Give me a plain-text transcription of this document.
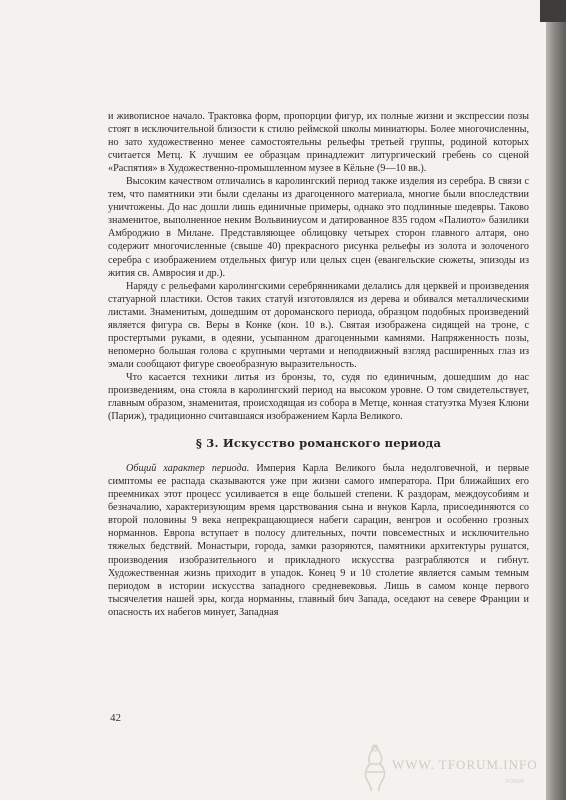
и живописное начало. Трактовка форм, пропорции фигур, их полные жизни и экспрессии позы стоят в исключительной близости к стилю реймской школы миниатюры. Более многочисленны, но зато художественно менее самостоятельны рельефы третьей группы, родиной которых считается Метц. К лучшим ее образцам принадлежит литургический гребень со сценой «Распятия» в Художественно-промышленном музее в Кёльне (9—10 вв.).

Высоким качеством отличались в каролингский период также изделия из серебра. В связи с тем, что памятники эти были сделаны из драгоценного материала, многие были впоследствии уничтожены. До нас дошли лишь единичные примеры, однако это подлинные шедевры. Таково знаменитое, выполненное неким Вольвиниусом и датированное 835 годом «Палиото» базилики Амброджио в Милане. Представляющее облицовку четырех сторон главного алтаря, оно содержит многочисленные (свыше 40) прекрасного рисунка рельефы из золота и золоченого серебра с изображением отдельных фигур или целых сцен (евангельские сюжеты, эпизоды из жития св. Амвросия и др.).

Наряду с рельефами каролингскими серебрянниками делались для церквей и произведения статуарной пластики. Остов таких статуй изготовлялся из дерева и обивался металлическими листами. Знаменитым, дошедшим от дороманского периода, образцом подобных произведений является фигура св. Веры в Конке (кон. 10 в.). Святая изображена сидящей на троне, с простертыми руками, в одеяни, усыпанном драгоценными камнями. Напряженность позы, непомерно большая голова с крупными чертами и неподвижный взгляд расширенных глаз из эмали сообщают фигуре своеобразную выразительность.

Что касается техники литья из бронзы, то, судя по единичным, дошедшим до нас произведениям, она стояла в каролингский период на высоком уровне. О том свидетельствует, главным образом, знаменитая, происходящая из собора в Метце, конная статуэтка Музея Клюни (Париж), традиционно считавшаяся изображением Карла Великого.

§ 3. Искусство романского периода

Общий характер периода. Империя Карла Великого была недолговечной, и первые симптомы ее распада сказываются уже при жизни самого императора. При ближайших его преемниках этот процесс усиливается в еще большей степени. К раздорам, междоусобиям и безначалию, характеризующим время царствования сына и внуков Карла, присоединяются со второй половины 9 века непрекращающиеся набеги сарацин, венгров и особенно грозных норманнов. Европа вступает в полосу длительных, почти повсеместных и исключительно тяжелых бедствий. Монастыри, города, замки разоряются, памятники архитектуры рушатся, производения изобразительного и прикладного искусства разграбляются и гибнут. Художественная жизнь приходит в упадок. Конец 9 и 10 столетие является самым темным периодом в истории искусства западного средневековья. Лишь в самом конце первого тысячелетия нашей эры, когда норманны, главный бич Запада, оседают на севере Франции и опасность их набегов минует, Западная

42
WWW. TFORUM.INFO
FORUM
